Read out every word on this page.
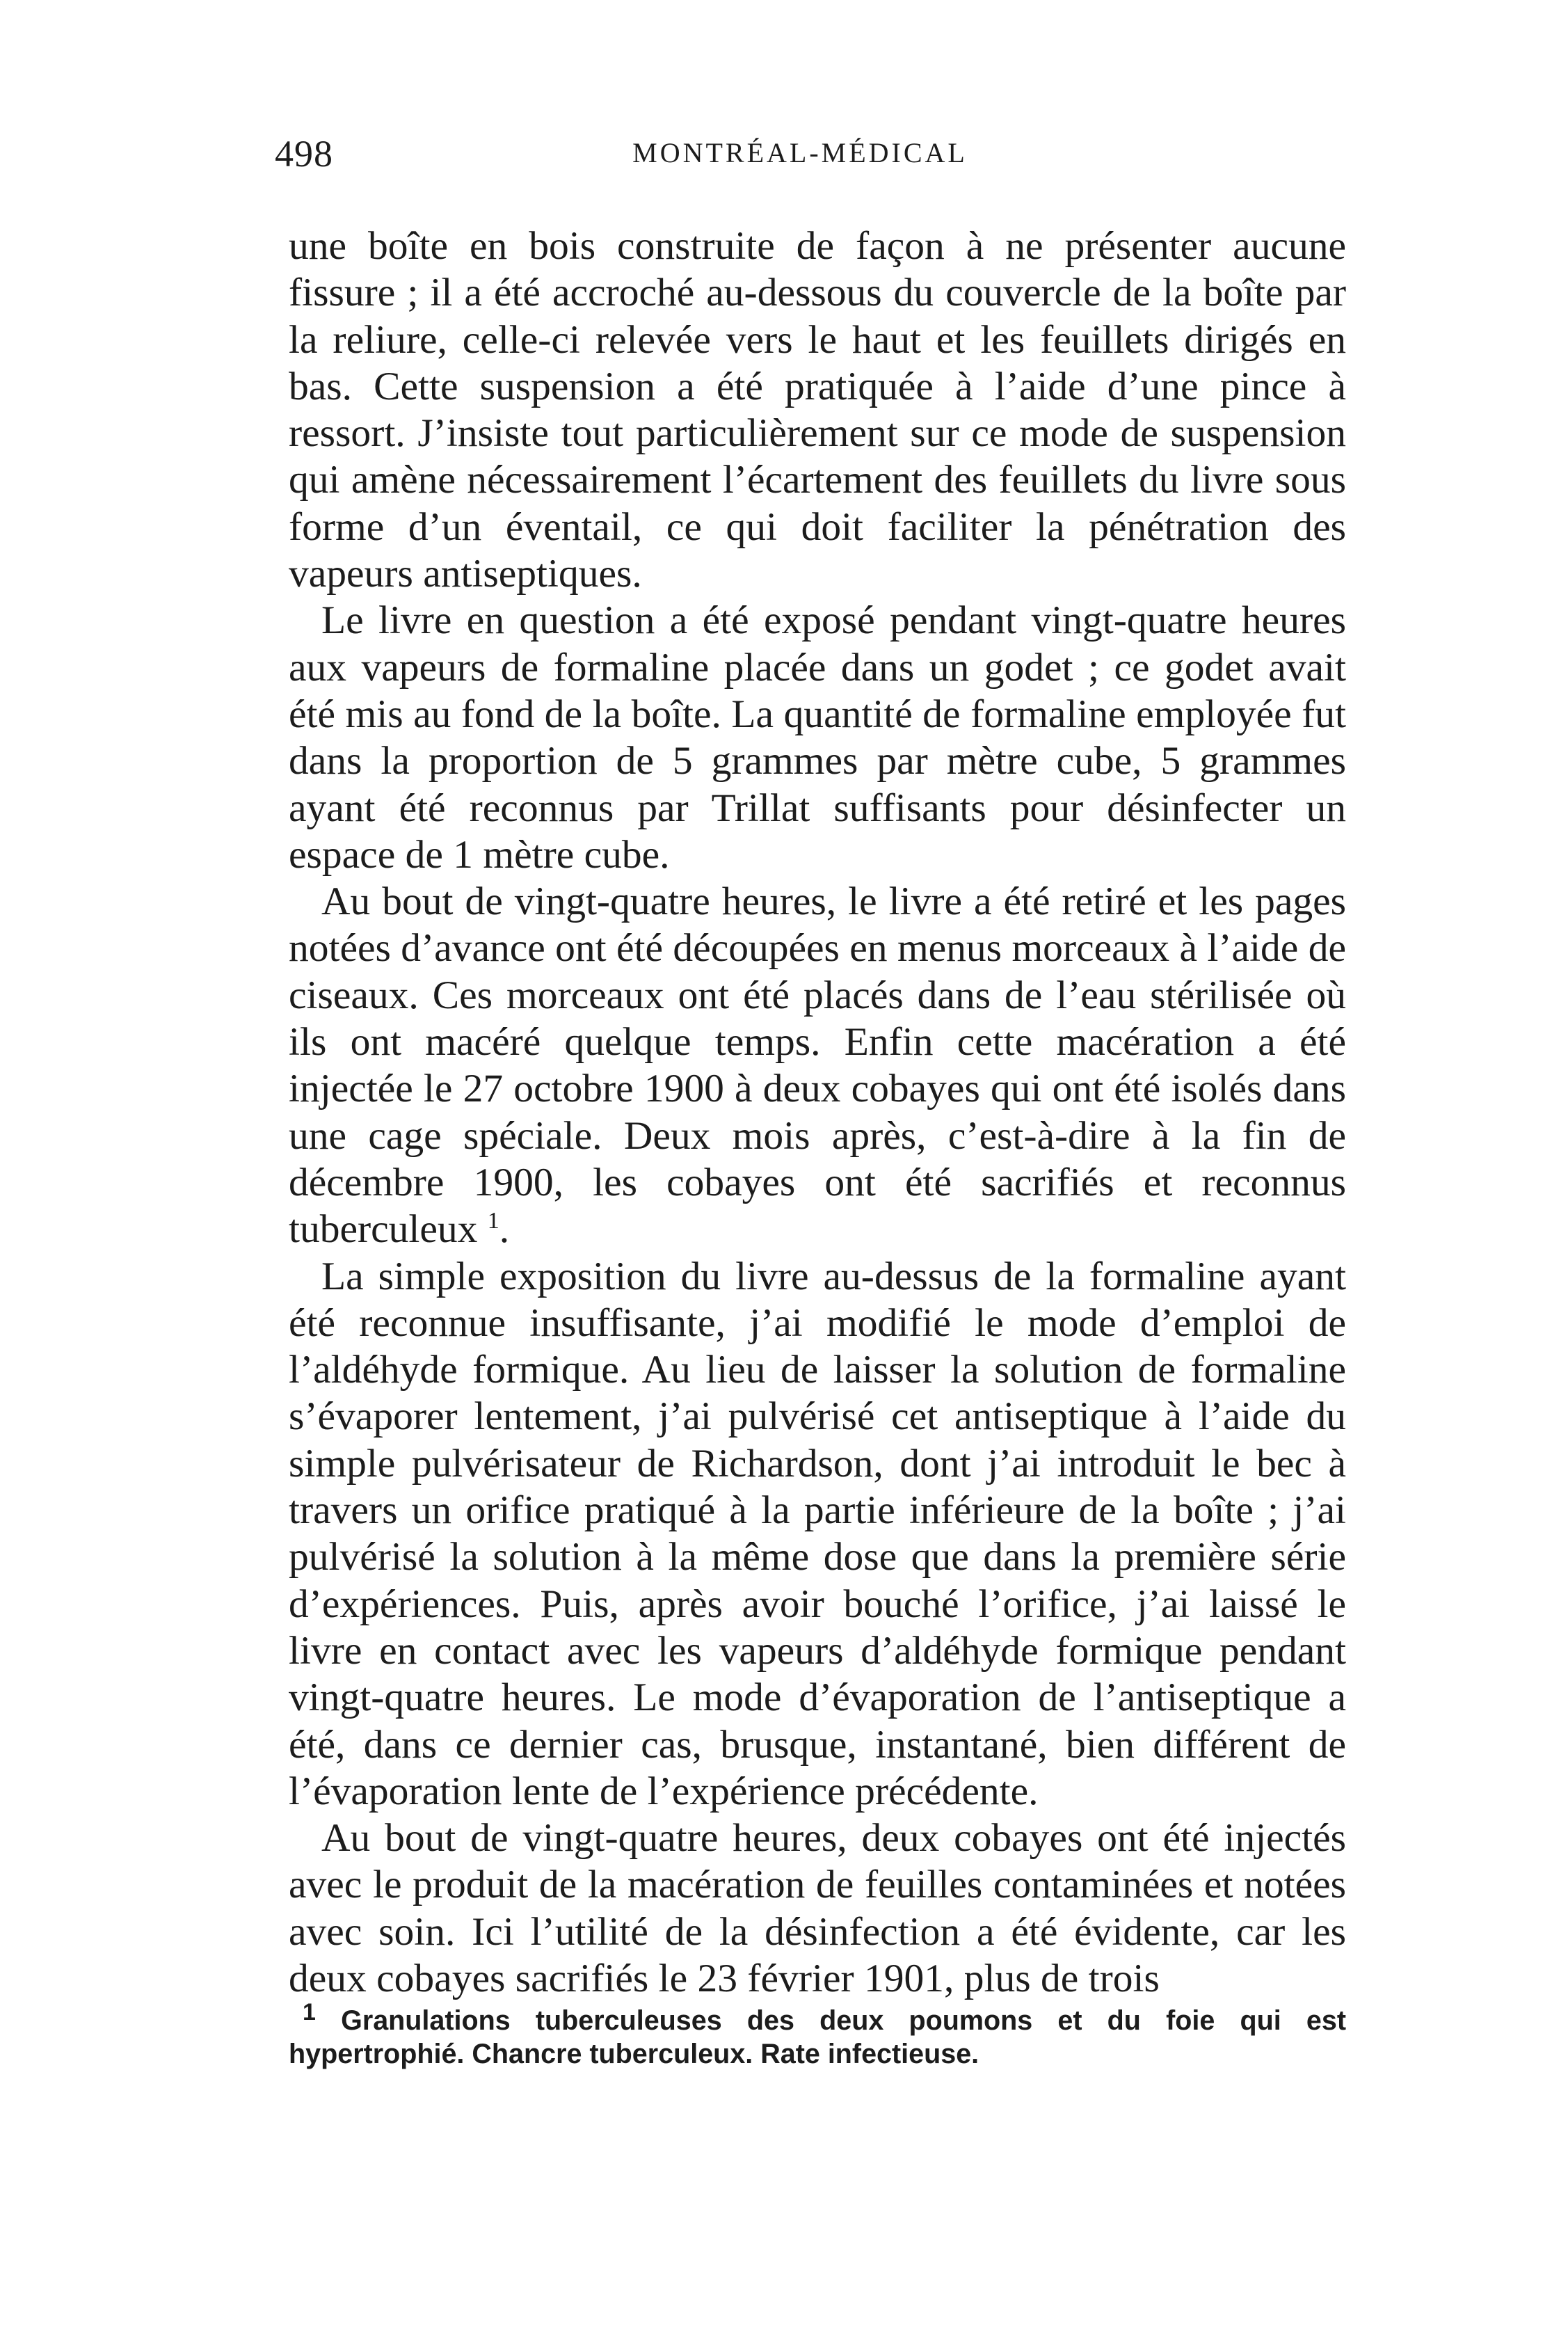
498	MONTRÉAL-MÉDICAL

une boîte en bois construite de façon à ne présenter aucune fissure ; il a été accroché au-dessous du couvercle de la boîte par la reliure, celle-ci relevée vers le haut et les feuillets dirigés en bas. Cette suspension a été pratiquée à l’aide d’une pince à ressort. J’insiste tout particulièrement sur ce mode de suspension qui amène nécessairement l’écartement des feuillets du livre sous forme d’un éventail, ce qui doit faciliter la pénétration des vapeurs antiseptiques.

Le livre en question a été exposé pendant vingt-quatre heures aux vapeurs de formaline placée dans un godet ; ce godet avait été mis au fond de la boîte. La quantité de formaline employée fut dans la proportion de 5 grammes par mètre cube, 5 grammes ayant été reconnus par Trillat suffisants pour désinfecter un espace de 1 mètre cube.

Au bout de vingt-quatre heures, le livre a été retiré et les pages notées d’avance ont été découpées en menus morceaux à l’aide de ciseaux. Ces morceaux ont été placés dans de l’eau stérilisée où ils ont macéré quelque temps. Enfin cette macération a été injectée le 27 octobre 1900 à deux cobayes qui ont été isolés dans une cage spéciale. Deux mois après, c’est-à-dire à la fin de décembre 1900, les cobayes ont été sacrifiés et reconnus tuberculeux $^1$.

La simple exposition du livre au-dessus de la formaline ayant été reconnue insuffisante, j’ai modifié le mode d’emploi de l’aldéhyde formique. Au lieu de laisser la solution de formaline s’évaporer lentement, j’ai pulvérisé cet antiseptique à l’aide du simple pulvérisateur de Richardson, dont j’ai introduit le bec à travers un orifice pratiqué à la partie inférieure de la boîte ; j’ai pulvérisé la solution à la même dose que dans la première série d’expériences. Puis, après avoir bouché l’orifice, j’ai laissé le livre en contact avec les vapeurs d’aldéhyde formique pendant vingt-quatre heures. Le mode d’évaporation de l’antiseptique a été, dans ce dernier cas, brusque, instantané, bien différent de l’évaporation lente de l’expérience précédente.

Au bout de vingt-quatre heures, deux cobayes ont été injectés avec le produit de la macération de feuilles contaminées et notées avec soin. Ici l’utilité de la désinfection a été évidente, car les deux cobayes sacrifiés le 23 février 1901, plus de trois

$^1$ Granulations tuberculeuses des deux poumons et du foie qui est hypertrophié. Chancre tuberculeux. Rate infectieuse.
